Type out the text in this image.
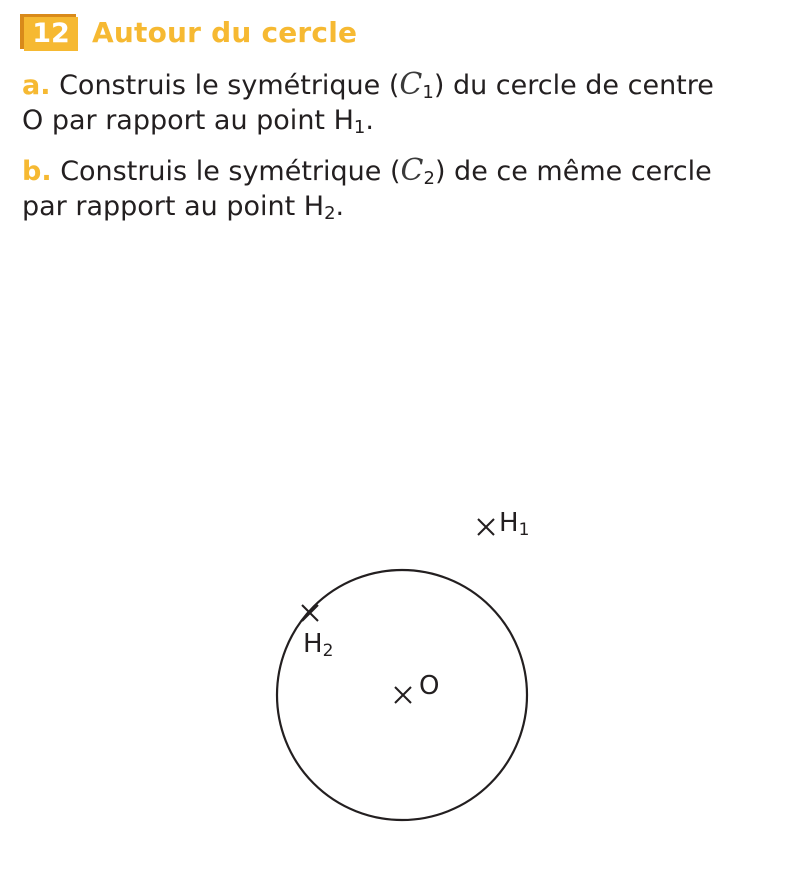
12 Autour du cercle
a. Construis le symétrique $(C_1)$ du cercle de centre
O par rapport au point $H_1$.
b. Construis le symétrique $(C_2)$ de ce même cercle
par rapport au point $H_2$.
H1
H2
O
